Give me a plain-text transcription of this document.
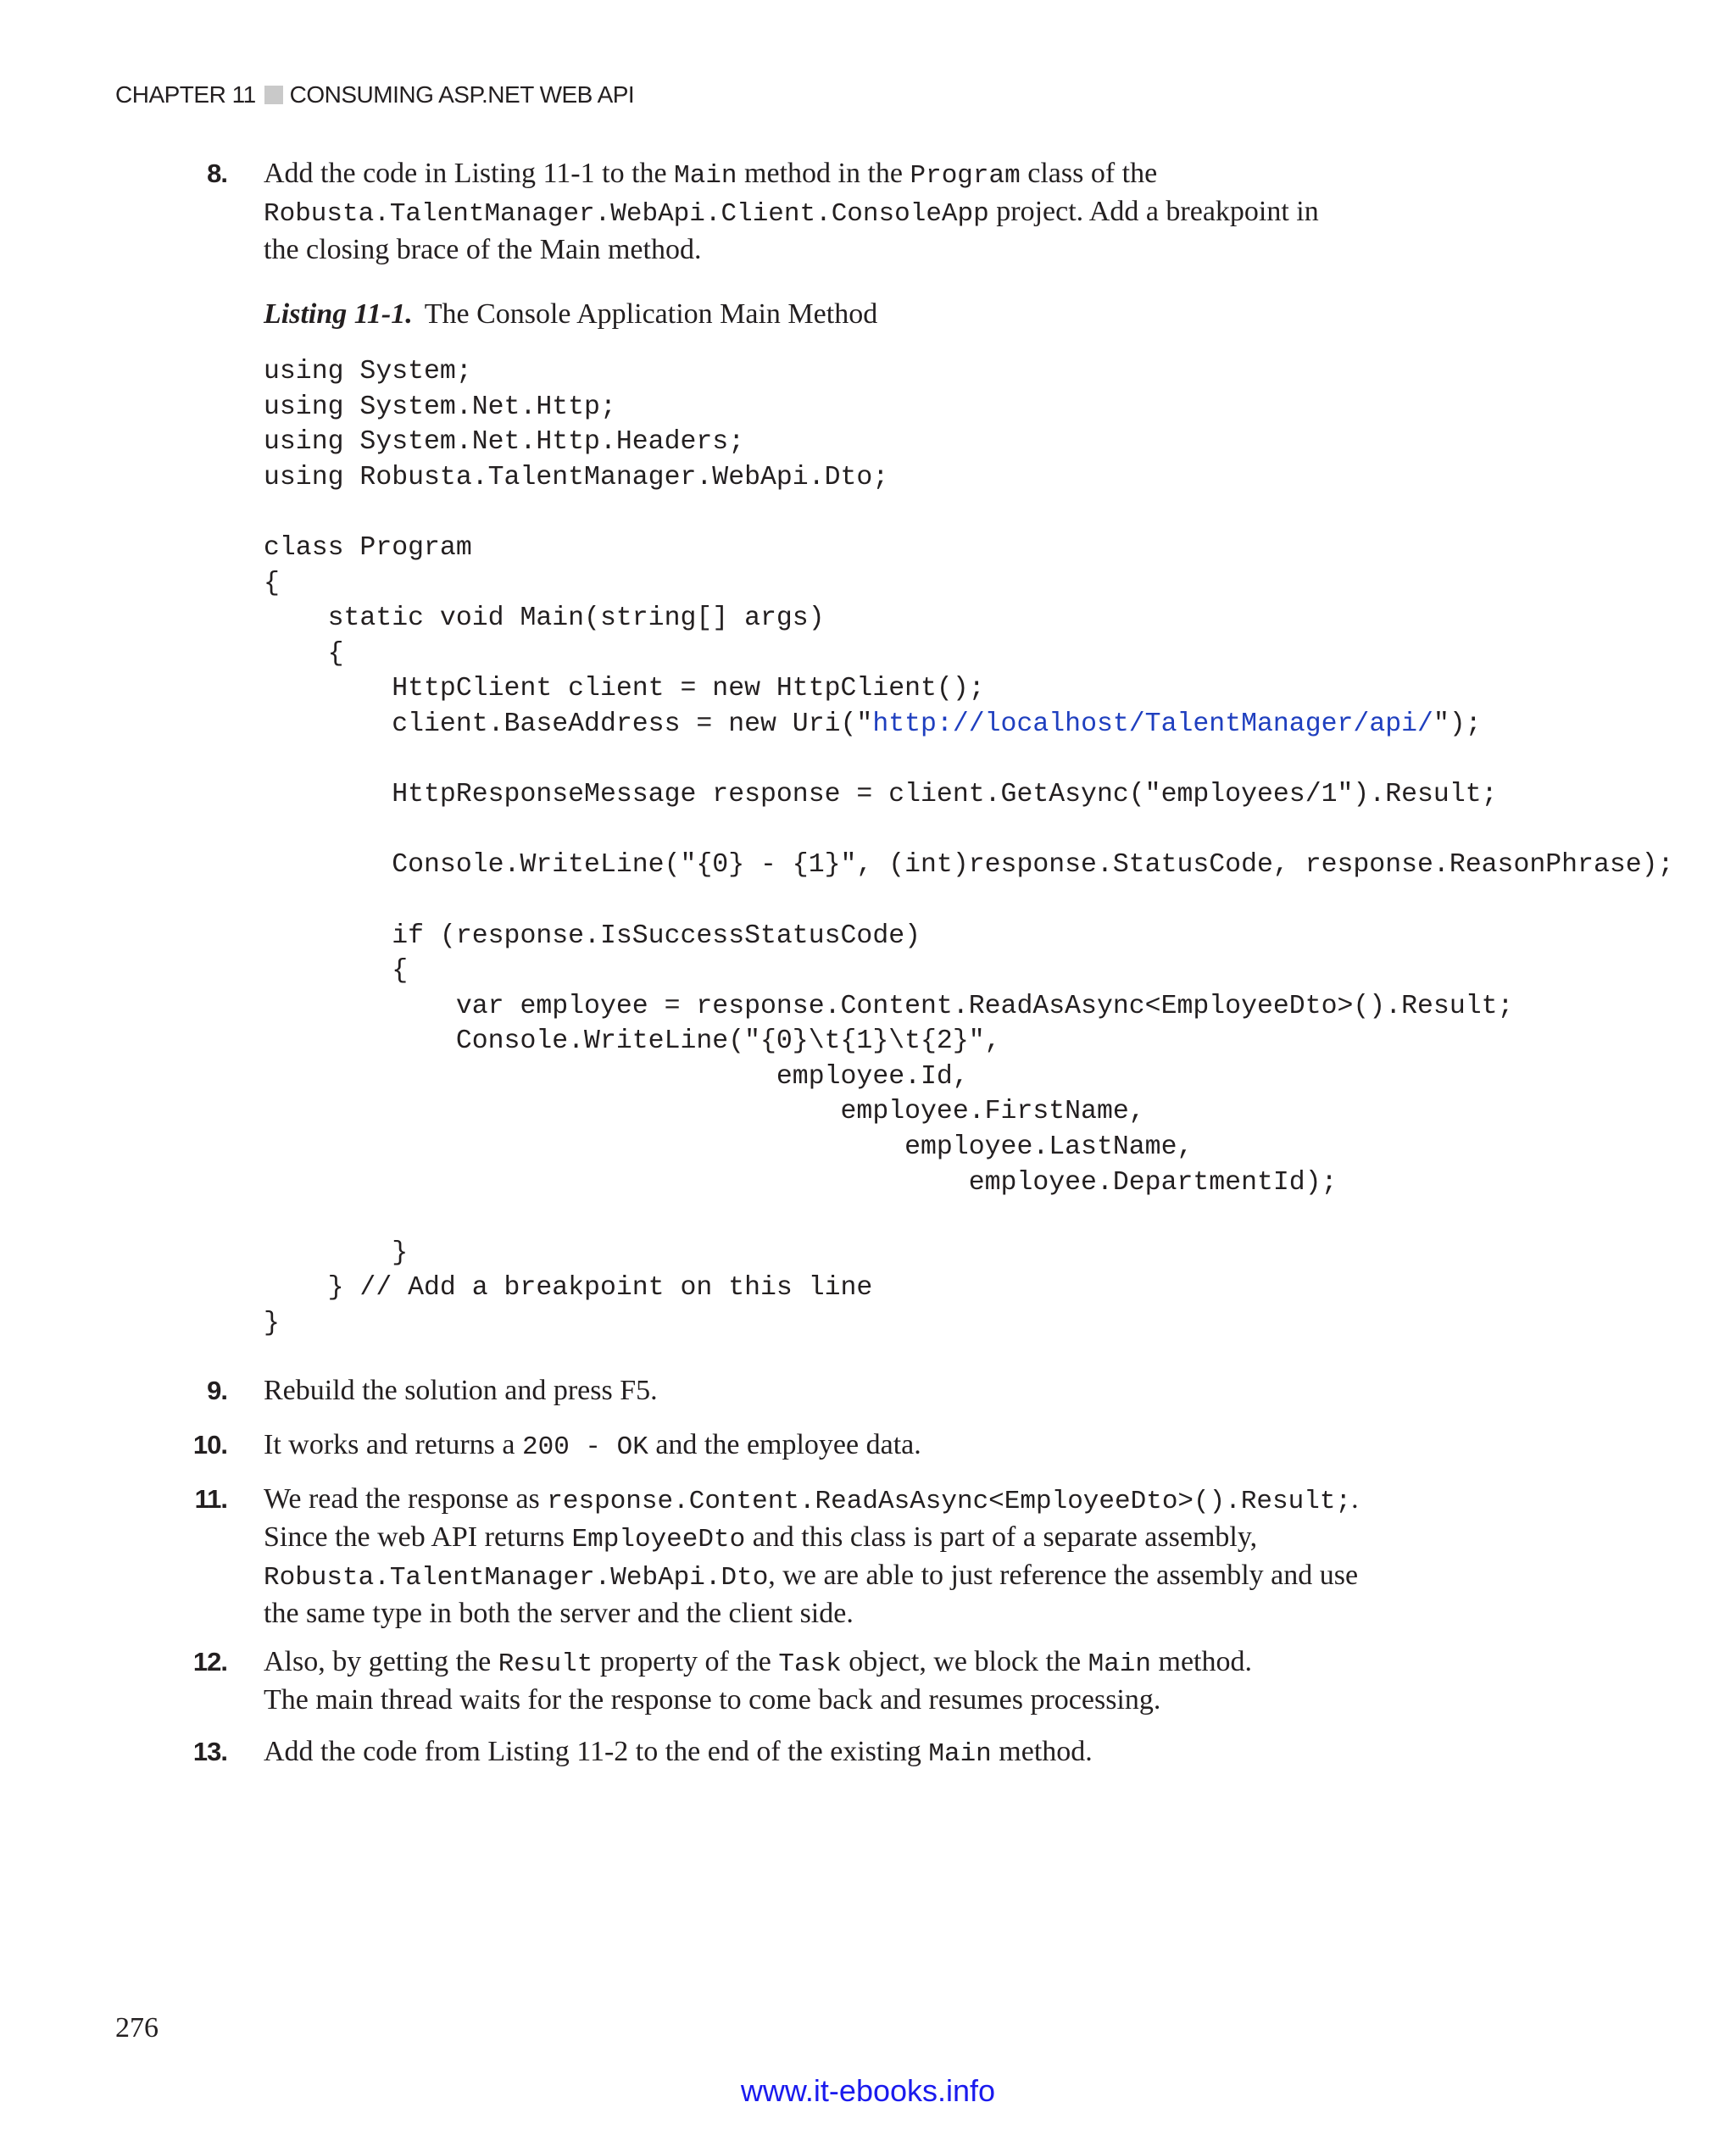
CHAPTER 11 CONSUMING ASP.NET WEB API
8. Add the code in Listing 11-1 to the Main method in the Program class of the
Robusta.TalentManager.WebApi.Client.ConsoleApp project. Add a breakpoint in
the closing brace of the Main method.
Listing 11-1. The Console Application Main Method
using System;
using System.Net.Http;
using System.Net.Http.Headers;
using Robusta.TalentManager.WebApi.Dto;
class Program
{
static void Main(string[] args)
{
HttpClient client = new HttpClient();
client.BaseAddress = new Uri("http://localhost/TalentManager/api/");
HttpResponseMessage response = client.GetAsync("employees/1").Result;
Console.WriteLine("{0} - {1}", (int)response.StatusCode, response.ReasonPhrase);
if (response.IsSuccessStatusCode)
{
var employee = response.Content.ReadAsAsync<EmployeeDto>().Result;
Console.WriteLine("{0}\t{1}\t{2}",
employee.Id,
employee.FirstName,
employee.LastName,
employee.DepartmentId);
}
} // Add a breakpoint on this line
}
9. Rebuild the solution and press F5.
10. It works and returns a 200 - OK and the employee data.
11. We read the response as response.Content.ReadAsAsync<EmployeeDto>().Result;.
Since the web API returns EmployeeDto and this class is part of a separate assembly,
Robusta.TalentManager.WebApi.Dto, we are able to just reference the assembly and use
the same type in both the server and the client side.
12. Also, by getting the Result property of the Task object, we block the Main method.
The main thread waits for the response to come back and resumes processing.
13. Add the code from Listing 11-2 to the end of the existing Main method.
276
www.it-ebooks.info
